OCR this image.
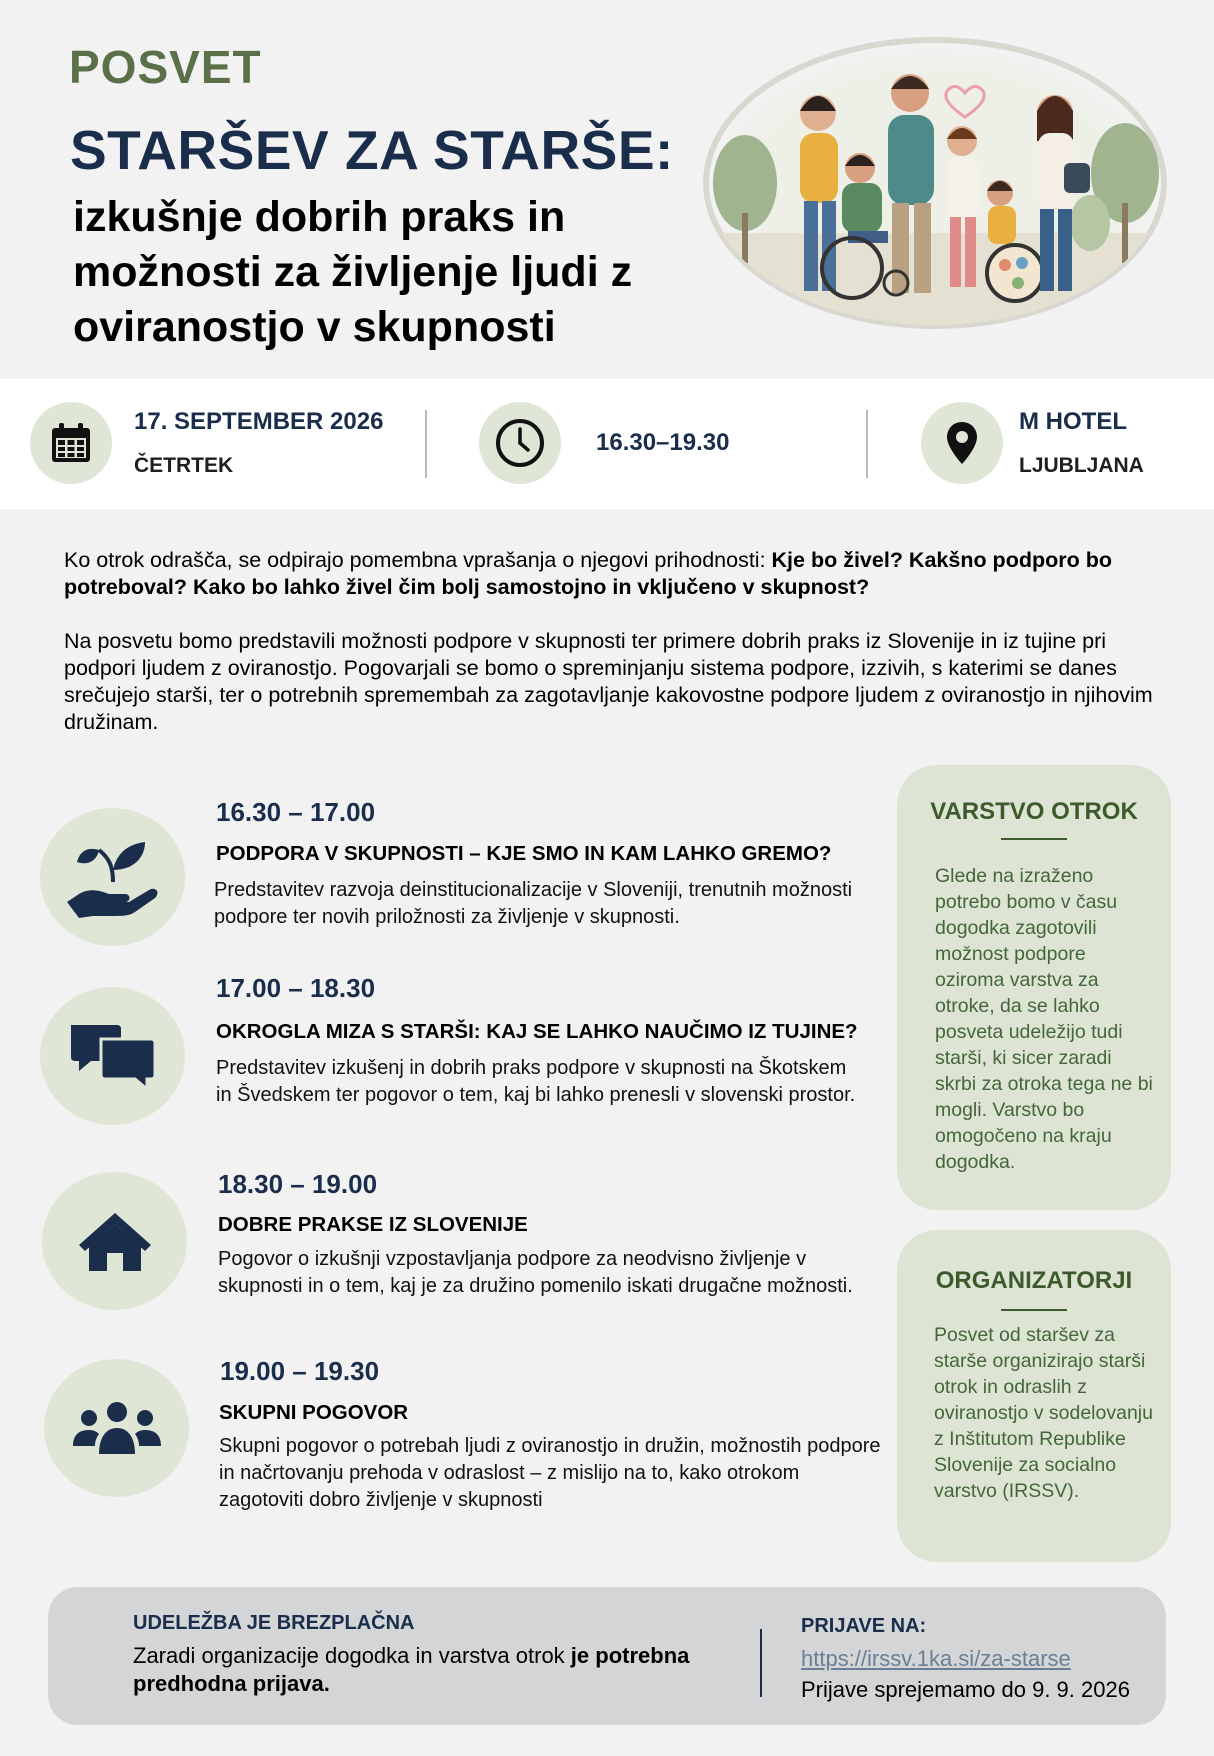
POSVET
STARŠEV ZA STARŠE:
izkušnje dobrih praks in
možnosti za življenje ljudi z
oviranostjo v skupnosti
17. SEPTEMBER 2026
ČETRTEK
16.30–19.30
M HOTEL
LJUBLJANA
Ko otrok odrašča, se odpirajo pomembna vprašanja o njegovi prihodnosti: Kje bo živel? Kakšno podporo bo potreboval? Kako bo lahko živel čim bolj samostojno in vključeno v skupnost?
Na posvetu bomo predstavili možnosti podpore v skupnosti ter primere dobrih praks iz Slovenije in iz tujine pri podpori ljudem z oviranostjo. Pogovarjali se bomo o spreminjanju sistema podpore, izzivih, s katerimi se danes srečujejo starši, ter o potrebnih spremembah za zagotavljanje kakovostne podpore ljudem z oviranostjo in njihovim družinam.
16.30 – 17.00
PODPORA V SKUPNOSTI – KJE SMO IN KAM LAHKO GREMO?
Predstavitev razvoja deinstitucionalizacije v Sloveniji, trenutnih možnosti podpore ter novih priložnosti za življenje v skupnosti.
17.00 – 18.30
OKROGLA MIZA S STARŠI: KAJ SE LAHKO NAUČIMO IZ TUJINE?
Predstavitev izkušenj in dobrih praks podpore v skupnosti na Škotskem in Švedskem ter pogovor o tem, kaj bi lahko prenesli v slovenski prostor.
18.30 – 19.00
DOBRE PRAKSE IZ SLOVENIJE
Pogovor o izkušnji vzpostavljanja podpore za neodvisno življenje v skupnosti in o tem, kaj je za družino pomenilo iskati drugačne možnosti.
19.00 – 19.30
SKUPNI POGOVOR
Skupni pogovor o potrebah ljudi z oviranostjo in družin, možnostih podpore in načrtovanju prehoda v odraslost – z mislijo na to, kako otrokom zagotoviti dobro življenje v skupnosti
VARSTVO OTROK
Glede na izraženo potrebo bomo v času dogodka zagotovili možnost podpore oziroma varstva za otroke, da se lahko posveta udeležijo tudi starši, ki sicer zaradi skrbi za otroka tega ne bi mogli. Varstvo bo omogočeno na kraju dogodka.
ORGANIZATORJI
Posvet od staršev za starše organizirajo starši otrok in odraslih z oviranostjo v sodelovanju z Inštitutom Republike Slovenije za socialno varstvo (IRSSV).
UDELEŽBA JE BREZPLAČNA
Zaradi organizacije dogodka in varstva otrok je potrebna predhodna prijava.
PRIJAVE NA:
https://irssv.1ka.si/za-starse
Prijave sprejemamo do 9. 9. 2026
